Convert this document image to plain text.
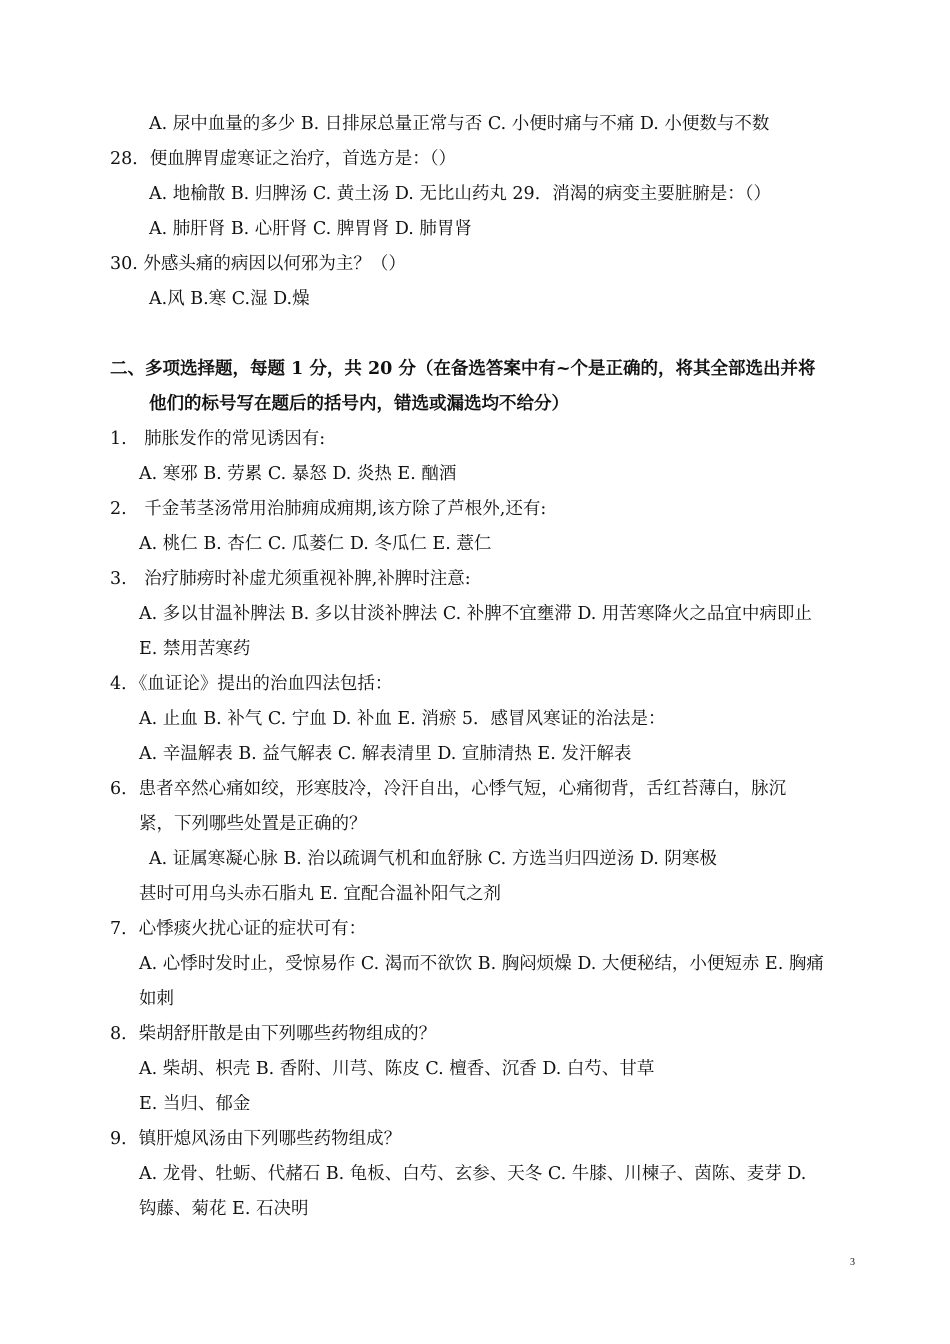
A. 尿中血量的多少 B. 日排尿总量正常与否 C. 小便时痛与不痛 D. 小便数与不数
28．便血脾胃虚寒证之治疗，首选方是：（）
A. 地榆散 B. 归脾汤 C. 黄土汤 D. 无比山药丸 29．消渴的病变主要脏腑是：（）
A. 肺肝肾 B. 心肝肾 C. 脾胃肾 D. 肺胃肾
30. 外感头痛的病因以何邪为主？（）
A.风 B.寒 C.湿 D.燥
二、多项选择题，每题 1 分，共 20 分（在备选答案中有~个是正确的，将其全部选出并将
他们的标号写在题后的括号内，错选或漏选均不给分）
1.　肺胀发作的常见诱因有:
A. 寒邪 B. 劳累 C. 暴怒 D. 炎热 E. 酗酒
2.　千金苇茎汤常用治肺痈成痈期,该方除了芦根外,还有:
A. 桃仁 B. 杏仁 C. 瓜蒌仁 D. 冬瓜仁 E. 薏仁
3.　治疗肺痨时补虚尤须重视补脾,补脾时注意:
A. 多以甘温补脾法 B. 多以甘淡补脾法 C. 补脾不宜壅滞 D. 用苦寒降火之品宜中病即止
E. 禁用苦寒药
4．《血证论》提出的治血四法包括：
A. 止血 B. 补气 C. 宁血 D. 补血 E. 消瘀 5．感冒风寒证的治法是：
A. 辛温解表 B. 益气解表 C. 解表清里 D. 宣肺清热 E. 发汗解表
6．患者卒然心痛如绞，形寒肢冷，冷汗自出，心悸气短，心痛彻背，舌红苔薄白，脉沉
紧，下列哪些处置是正确的？
A. 证属寒凝心脉 B. 治以疏调气机和血舒脉 C. 方选当归四逆汤 D. 阴寒极
甚时可用乌头赤石脂丸 E. 宜配合温补阳气之剂
7．心悸痰火扰心证的症状可有：
A. 心悸时发时止，受惊易作 C. 渴而不欲饮 B. 胸闷烦燥 D. 大便秘结，小便短赤 E. 胸痛
如刺
8．柴胡舒肝散是由下列哪些药物组成的？
A. 柴胡、枳壳 B. 香附、川芎、陈皮 C. 檀香、沉香 D. 白芍、甘草
E. 当归、郁金
9．镇肝熄风汤由下列哪些药物组成？
A. 龙骨、牡蛎、代赭石 B. 龟板、白芍、玄参、天冬 C. 牛膝、川楝子、茵陈、麦芽 D.
钩藤、菊花 E. 石决明
3
